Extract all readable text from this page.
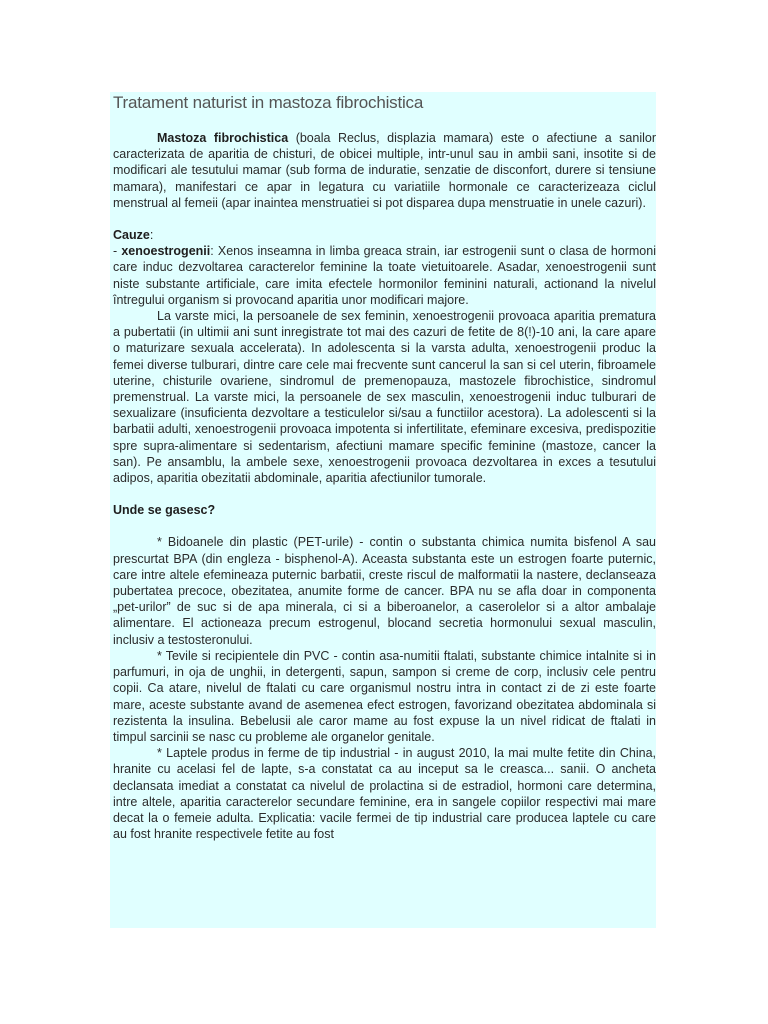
Tratament naturist in mastoza fibrochistica

Mastoza fibrochistica (boala Reclus, displazia mamara) este o afectiune a sanilor caracterizata de aparitia de chisturi, de obicei multiple, intr-unul sau in ambii sani, insotite si de modificari ale tesutului mamar (sub forma de induratie, senzatie de disconfort, durere si tensiune mamara), manifestari ce apar in legatura cu variatiile hormonale ce caracterizeaza ciclul menstrual al femeii (apar inaintea menstruatiei si pot disparea dupa menstruatie in unele cazuri).

Cauze:

- xenoestrogenii: Xenos inseamna in limba greaca strain, iar estrogenii sunt o clasa de hormoni care induc dezvoltarea caracterelor feminine la toate vietuitoarele. Asadar, xenoestrogenii sunt niste substante artificiale, care imita efectele hormonilor feminini naturali, actionand la nivelul întregului organism si provocand aparitia unor modificari majore.

La varste mici, la persoanele de sex feminin, xenoestrogenii provoaca aparitia prematura a pubertatii (in ultimii ani sunt inregistrate tot mai des cazuri de fetite de 8(!)-10 ani, la care apare o maturizare sexuala accelerata). In adolescenta si la varsta adulta, xenoestrogenii produc la femei diverse tulburari, dintre care cele mai frecvente sunt cancerul la san si cel uterin, fibroamele uterine, chisturile ovariene, sindromul de premenopauza, mastozele fibrochistice, sindromul premenstrual. La varste mici, la persoanele de sex masculin, xenoestrogenii induc tulburari de sexualizare (insuficienta dezvoltare a testiculelor si/sau a functiilor acestora). La adolescenti si la barbatii adulti, xenoestrogenii provoaca impotenta si infertilitate, efeminare excesiva, predispozitie spre supra-alimentare si sedentarism, afectiuni mamare specific feminine (mastoze, cancer la san). Pe ansamblu, la ambele sexe, xenoestrogenii provoaca dezvoltarea in exces a tesutului adipos, aparitia obezitatii abdominale, aparitia afectiunilor tumorale.

Unde se gasesc?

* Bidoanele din plastic (PET-urile) - contin o substanta chimica numita bisfenol A sau prescurtat BPA (din engleza - bisphenol-A). Aceasta substanta este un estrogen foarte puternic, care intre altele efemineaza puternic barbatii, creste riscul de malformatii la nastere, declanseaza pubertatea precoce, obezitatea, anumite forme de cancer. BPA nu se afla doar in componenta „pet-urilor” de suc si de apa minerala, ci si a biberoanelor, a caserolelor si a altor ambalaje alimentare. El actioneaza precum estrogenul, blocand secretia hormonului sexual masculin, inclusiv a testosteronului.

* Tevile si recipientele din PVC - contin asa-numitii ftalati, substante chimice intalnite si in parfumuri, in oja de unghii, in detergenti, sapun, sampon si creme de corp, inclusiv cele pentru copii. Ca atare, nivelul de ftalati cu care organismul nostru intra in contact zi de zi este foarte mare, aceste substante avand de asemenea efect estrogen, favorizand obezitatea abdominala si rezistenta la insulina. Bebelusii ale caror mame au fost expuse la un nivel ridicat de ftalati in timpul sarcinii se nasc cu probleme ale organelor genitale.

* Laptele produs in ferme de tip industrial - in august 2010, la mai multe fetite din China, hranite cu acelasi fel de lapte, s-a constatat ca au inceput sa le creasca... sanii. O ancheta declansata imediat a constatat ca nivelul de prolactina si de estradiol, hormoni care determina, intre altele, aparitia caracterelor secundare feminine, era in sangele copiilor respectivi mai mare decat la o femeie adulta. Explicatia: vacile fermei de tip industrial care producea laptele cu care au fost hranite respectivele fetite au fost
